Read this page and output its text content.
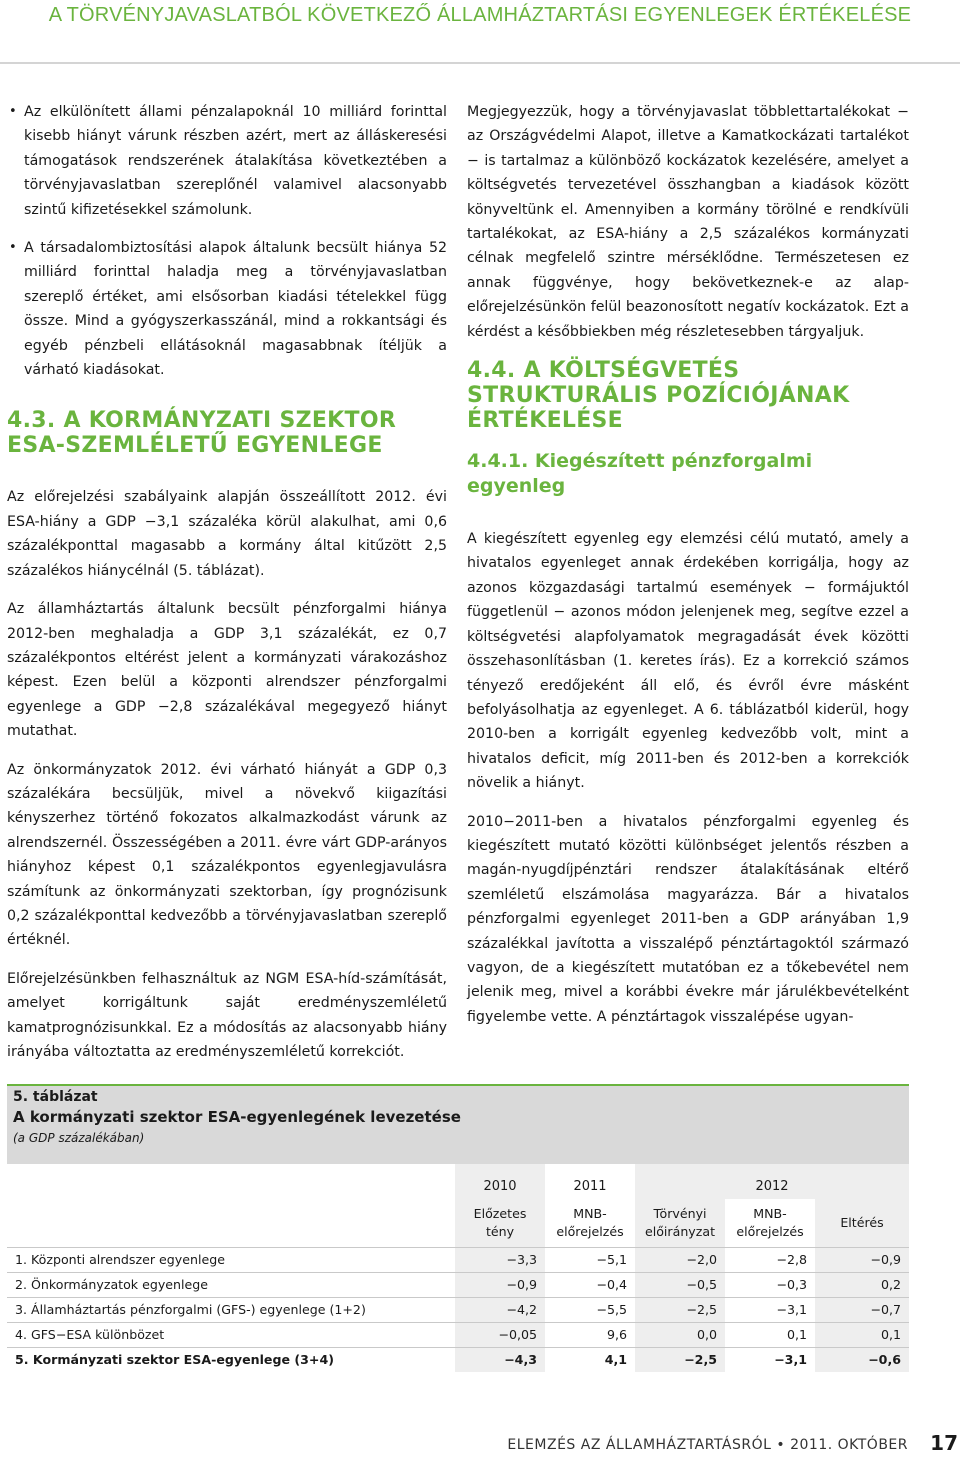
A TÖRVÉNYJAVASLATBÓL KÖVETKEZŐ ÁLLAMHÁZTARTÁSI EGYENLEGEK ÉRTÉKELÉSE
• Az elkülönített állami pénzalapoknál 10 milliárd forinttal kisebb hiányt várunk részben azért, mert az álláskeresési támogatások rendszerének átalakítása következtében a törvényjavaslatban szereplőnél valamivel alacsonyabb szintű kifizetésekkel számolunk.
• A társadalombiztosítási alapok általunk becsült hiánya 52 milliárd forinttal haladja meg a törvényjavaslatban szereplő értéket, ami elsősorban kiadási tételekkel függ össze. Mind a gyógyszerkasszánál, mind a rokkantsági és egyéb pénzbeli ellátásoknál magasabbnak ítéljük a várható kiadásokat.
4.3. A KORMÁNYZATI SZEKTOR ESA-SZEMLÉLETŰ EGYENLEGE

Az előrejelzési szabályaink alapján összeállított 2012. évi ESA-hiány a GDP −3,1 százaléka körül alakulhat, ami 0,6 százalékponttal magasabb a kormány által kitűzött 2,5 százalékos hiánycélnál (5. táblázat).

Az államháztartás általunk becsült pénzforgalmi hiánya 2012-ben meghaladja a GDP 3,1 százalékát, ez 0,7 százalékpontos eltérést jelent a kormányzati várakozáshoz képest. Ezen belül a központi alrendszer pénzforgalmi egyenlege a GDP −2,8 százalékával megegyező hiányt mutathat.

Az önkormányzatok 2012. évi várható hiányát a GDP 0,3 százalékára becsüljük, mivel a növekvő kiigazítási kényszerhez történő fokozatos alkalmazkodást várunk az alrendszernél. Összességében a 2011. évre várt GDP-arányos hiányhoz képest 0,1 százalékpontos egyenlegjavulásra számítunk az önkormányzati szektorban, így prognózisunk 0,2 százalékponttal kedvezőbb a törvényjavaslatban szereplő értéknél.

Előrejelzésünkben felhasználtuk az NGM ESA-híd-számítását, amelyet korrigáltunk saját eredményszemléletű kamatprognózisunkkal. Ez a módosítás az alacsonyabb hiány irányába változtatta az eredményszemléletű korrekciót.

Megjegyezzük, hogy a törvényjavaslat többlettartalékokat − az Országvédelmi Alapot, illetve a Kamatkockázati tartalékot − is tartalmaz a különböző kockázatok kezelésére, amelyet a költségvetés tervezetével összhangban a kiadások között könyveltünk el. Amennyiben a kormány törölné e rendkívüli tartalékokat, az ESA-hiány a 2,5 százalékos kormányzati célnak megfelelő szintre mérséklődne. Természetesen ez annak függvénye, hogy bekövetkeznek-e az alap-előrejelzésünkön felül beazonosított negatív kockázatok. Ezt a kérdést a későbbiekben még részletesebben tárgyaljuk.

4.4. A KÖLTSÉGVETÉS STRUKTURÁLIS POZÍCIÓJÁNAK ÉRTÉKELÉSE
4.4.1. Kiegészített pénzforgalmi egyenleg

A kiegészített egyenleg egy elemzési célú mutató, amely a hivatalos egyenleget annak érdekében korrigálja, hogy az azonos közgazdasági tartalmú események − formájuktól függetlenül − azonos módon jelenjenek meg, segítve ezzel a költségvetési alapfolyamatok megragadását évek közötti összehasonlításban (1. keretes írás). Ez a korrekció számos tényező eredőjeként áll elő, és évről évre másként befolyásolhatja az egyenleget. A 6. táblázatból kiderül, hogy 2010-ben a korrigált egyenleg kedvezőbb volt, mint a hivatalos deficit, míg 2011-ben és 2012-ben a korrekciók növelik a hiányt.

2010−2011-ben a hivatalos pénzforgalmi egyenleg és kiegészített mutató közötti különbséget jelentős részben a magán-nyugdíjpénztári rendszer átalakításának eltérő szemléletű elszámolása magyarázza. Bár a hivatalos pénzforgalmi egyenleget 2011-ben a GDP arányában 1,9 százalékkal javította a visszalépő pénztártagoktól származó vagyon, de a kiegészített mutatóban ez a tőkebevétel nem jelenik meg, mivel a korábbi évekre már járulékbevételként figyelembe vette. A pénztártagok visszalépése ugyan-

5. táblázat
A kormányzati szektor ESA-egyenlegének levezetése
(a GDP százalékában)
	2010	2011	2012		
	Előzetes tény	MNB-előrejelzés	Törvényi előirányzat	MNB-előrejelzés	Eltérés
1. Központi alrendszer egyenlege	−3,3	−5,1	−2,0	−2,8	−0,9
2. Önkormányzatok egyenlege	−0,9	−0,4	−0,5	−0,3	0,2
3. Államháztartás pénzforgalmi (GFS-) egyenlege (1+2)	−4,2	−5,5	−2,5	−3,1	−0,7
4. GFS−ESA különbözet	−0,05	9,6	0,0	0,1	0,1
5. Kormányzati szektor ESA-egyenlege (3+4)	−4,3	4,1	−2,5	−3,1	−0,6
ELEMZÉS AZ ÁLLAMHÁZTARTÁSRÓL • 2011. OKTÓBER 17
